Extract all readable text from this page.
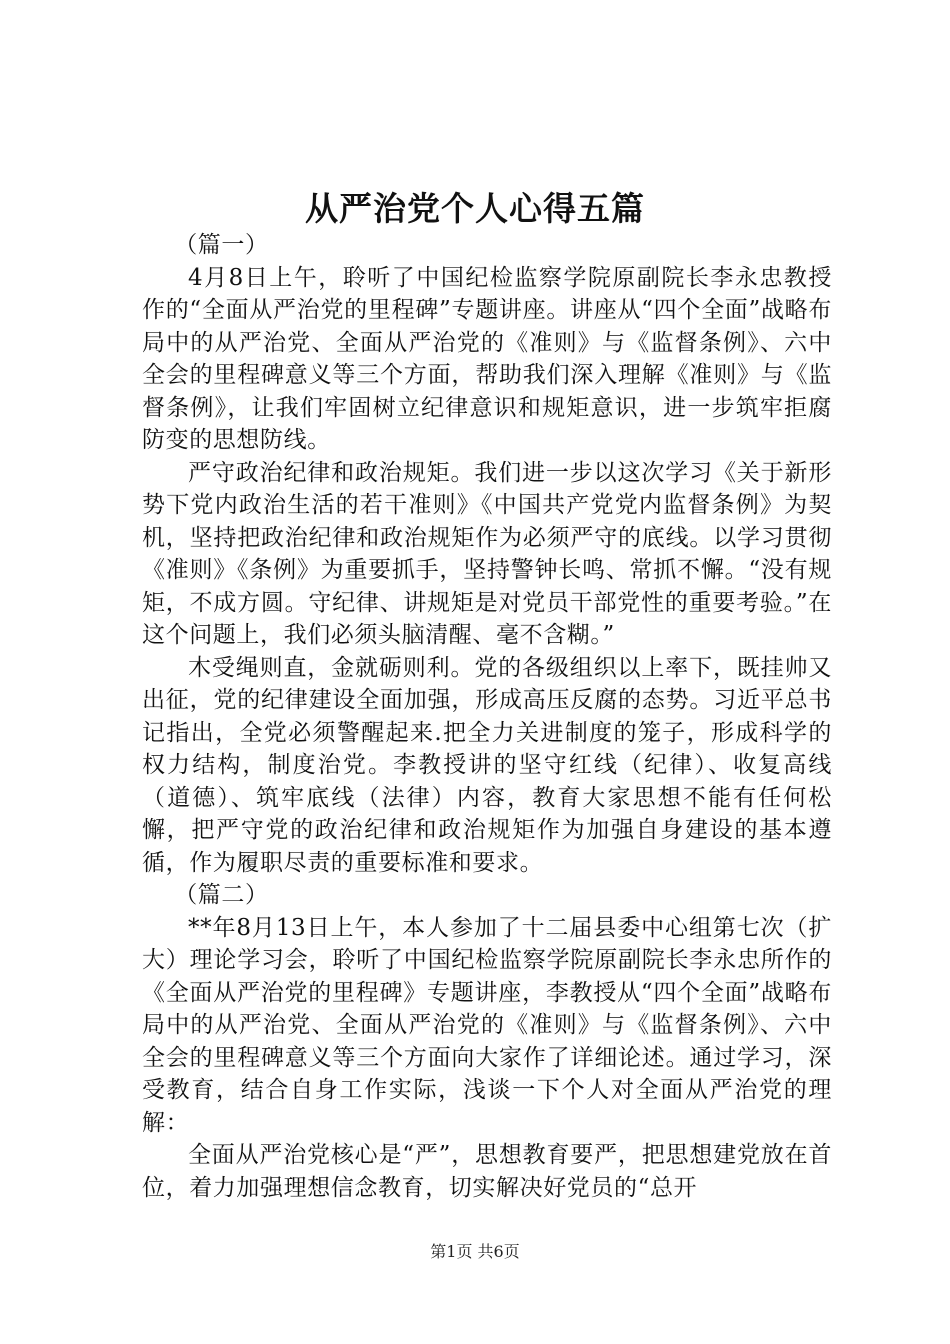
从严治党个人心得五篇

（篇一）

4月8日上午，聆听了中国纪检监察学院原副院长李永忠教授作的“全面从严治党的里程碑”专题讲座。讲座从“四个全面”战略布局中的从严治党、全面从严治党的《准则》与《监督条例》、六中全会的里程碑意义等三个方面，帮助我们深入理解《准则》与《监督条例》，让我们牢固树立纪律意识和规矩意识，进一步筑牢拒腐防变的思想防线。

严守政治纪律和政治规矩。我们进一步以这次学习《关于新形势下党内政治生活的若干准则》《中国共产党党内监督条例》为契机，坚持把政治纪律和政治规矩作为必须严守的底线。以学习贯彻《准则》《条例》为重要抓手，坚持警钟长鸣、常抓不懈。“没有规矩，不成方圆。守纪律、讲规矩是对党员干部党性的重要考验。”在这个问题上，我们必须头脑清醒、毫不含糊。”

木受绳则直，金就砺则利。党的各级组织以上率下，既挂帅又出征，党的纪律建设全面加强，形成高压反腐的态势。习近平总书记指出，全党必须警醒起来.把全力关进制度的笼子，形成科学的权力结构，制度治党。李教授讲的坚守红线（纪律）、收复高线（道德）、筑牢底线（法律）内容，教育大家思想不能有任何松懈，把严守党的政治纪律和政治规矩作为加强自身建设的基本遵循，作为履职尽责的重要标准和要求。

（篇二）

**年8月13日上午，本人参加了十二届县委中心组第七次（扩大）理论学习会，聆听了中国纪检监察学院原副院长李永忠所作的《全面从严治党的里程碑》专题讲座，李教授从“四个全面”战略布局中的从严治党、全面从严治党的《准则》与《监督条例》、六中全会的里程碑意义等三个方面向大家作了详细论述。通过学习，深受教育，结合自身工作实际，浅谈一下个人对全面从严治党的理解：

全面从严治党核心是“严”，思想教育要严，把思想建党放在首位，着力加强理想信念教育，切实解决好党员的“总开

第1页 共6页
